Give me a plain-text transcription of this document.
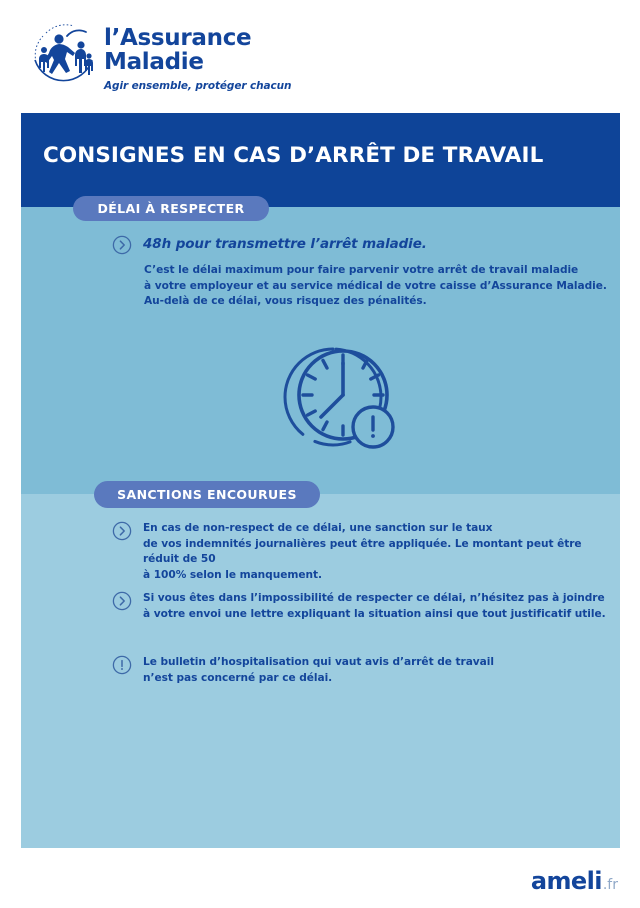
l’Assurance
Maladie
Agir ensemble, protéger chacun
CONSIGNES EN CAS D’ARRÊT DE TRAVAIL
DÉLAI À RESPECTER
48h pour transmettre l’arrêt maladie.
C’est le délai maximum pour faire parvenir votre arrêt de travail maladie
à votre employeur et au service médical de votre caisse d’Assurance Maladie.
Au-delà de ce délai, vous risquez des pénalités.
SANCTIONS ENCOURUES
En cas de non-respect de ce délai, une sanction sur le taux
de vos indemnités journalières peut être appliquée. Le montant peut être réduit de 50
à 100% selon le manquement.
Si vous êtes dans l’impossibilité de respecter ce délai, n’hésitez pas à joindre
à votre envoi une lettre expliquant la situation ainsi que tout justificatif utile.
Le bulletin d’hospitalisation qui vaut avis d’arrêt de travail
n’est pas concerné par ce délai.
ameli .fr
